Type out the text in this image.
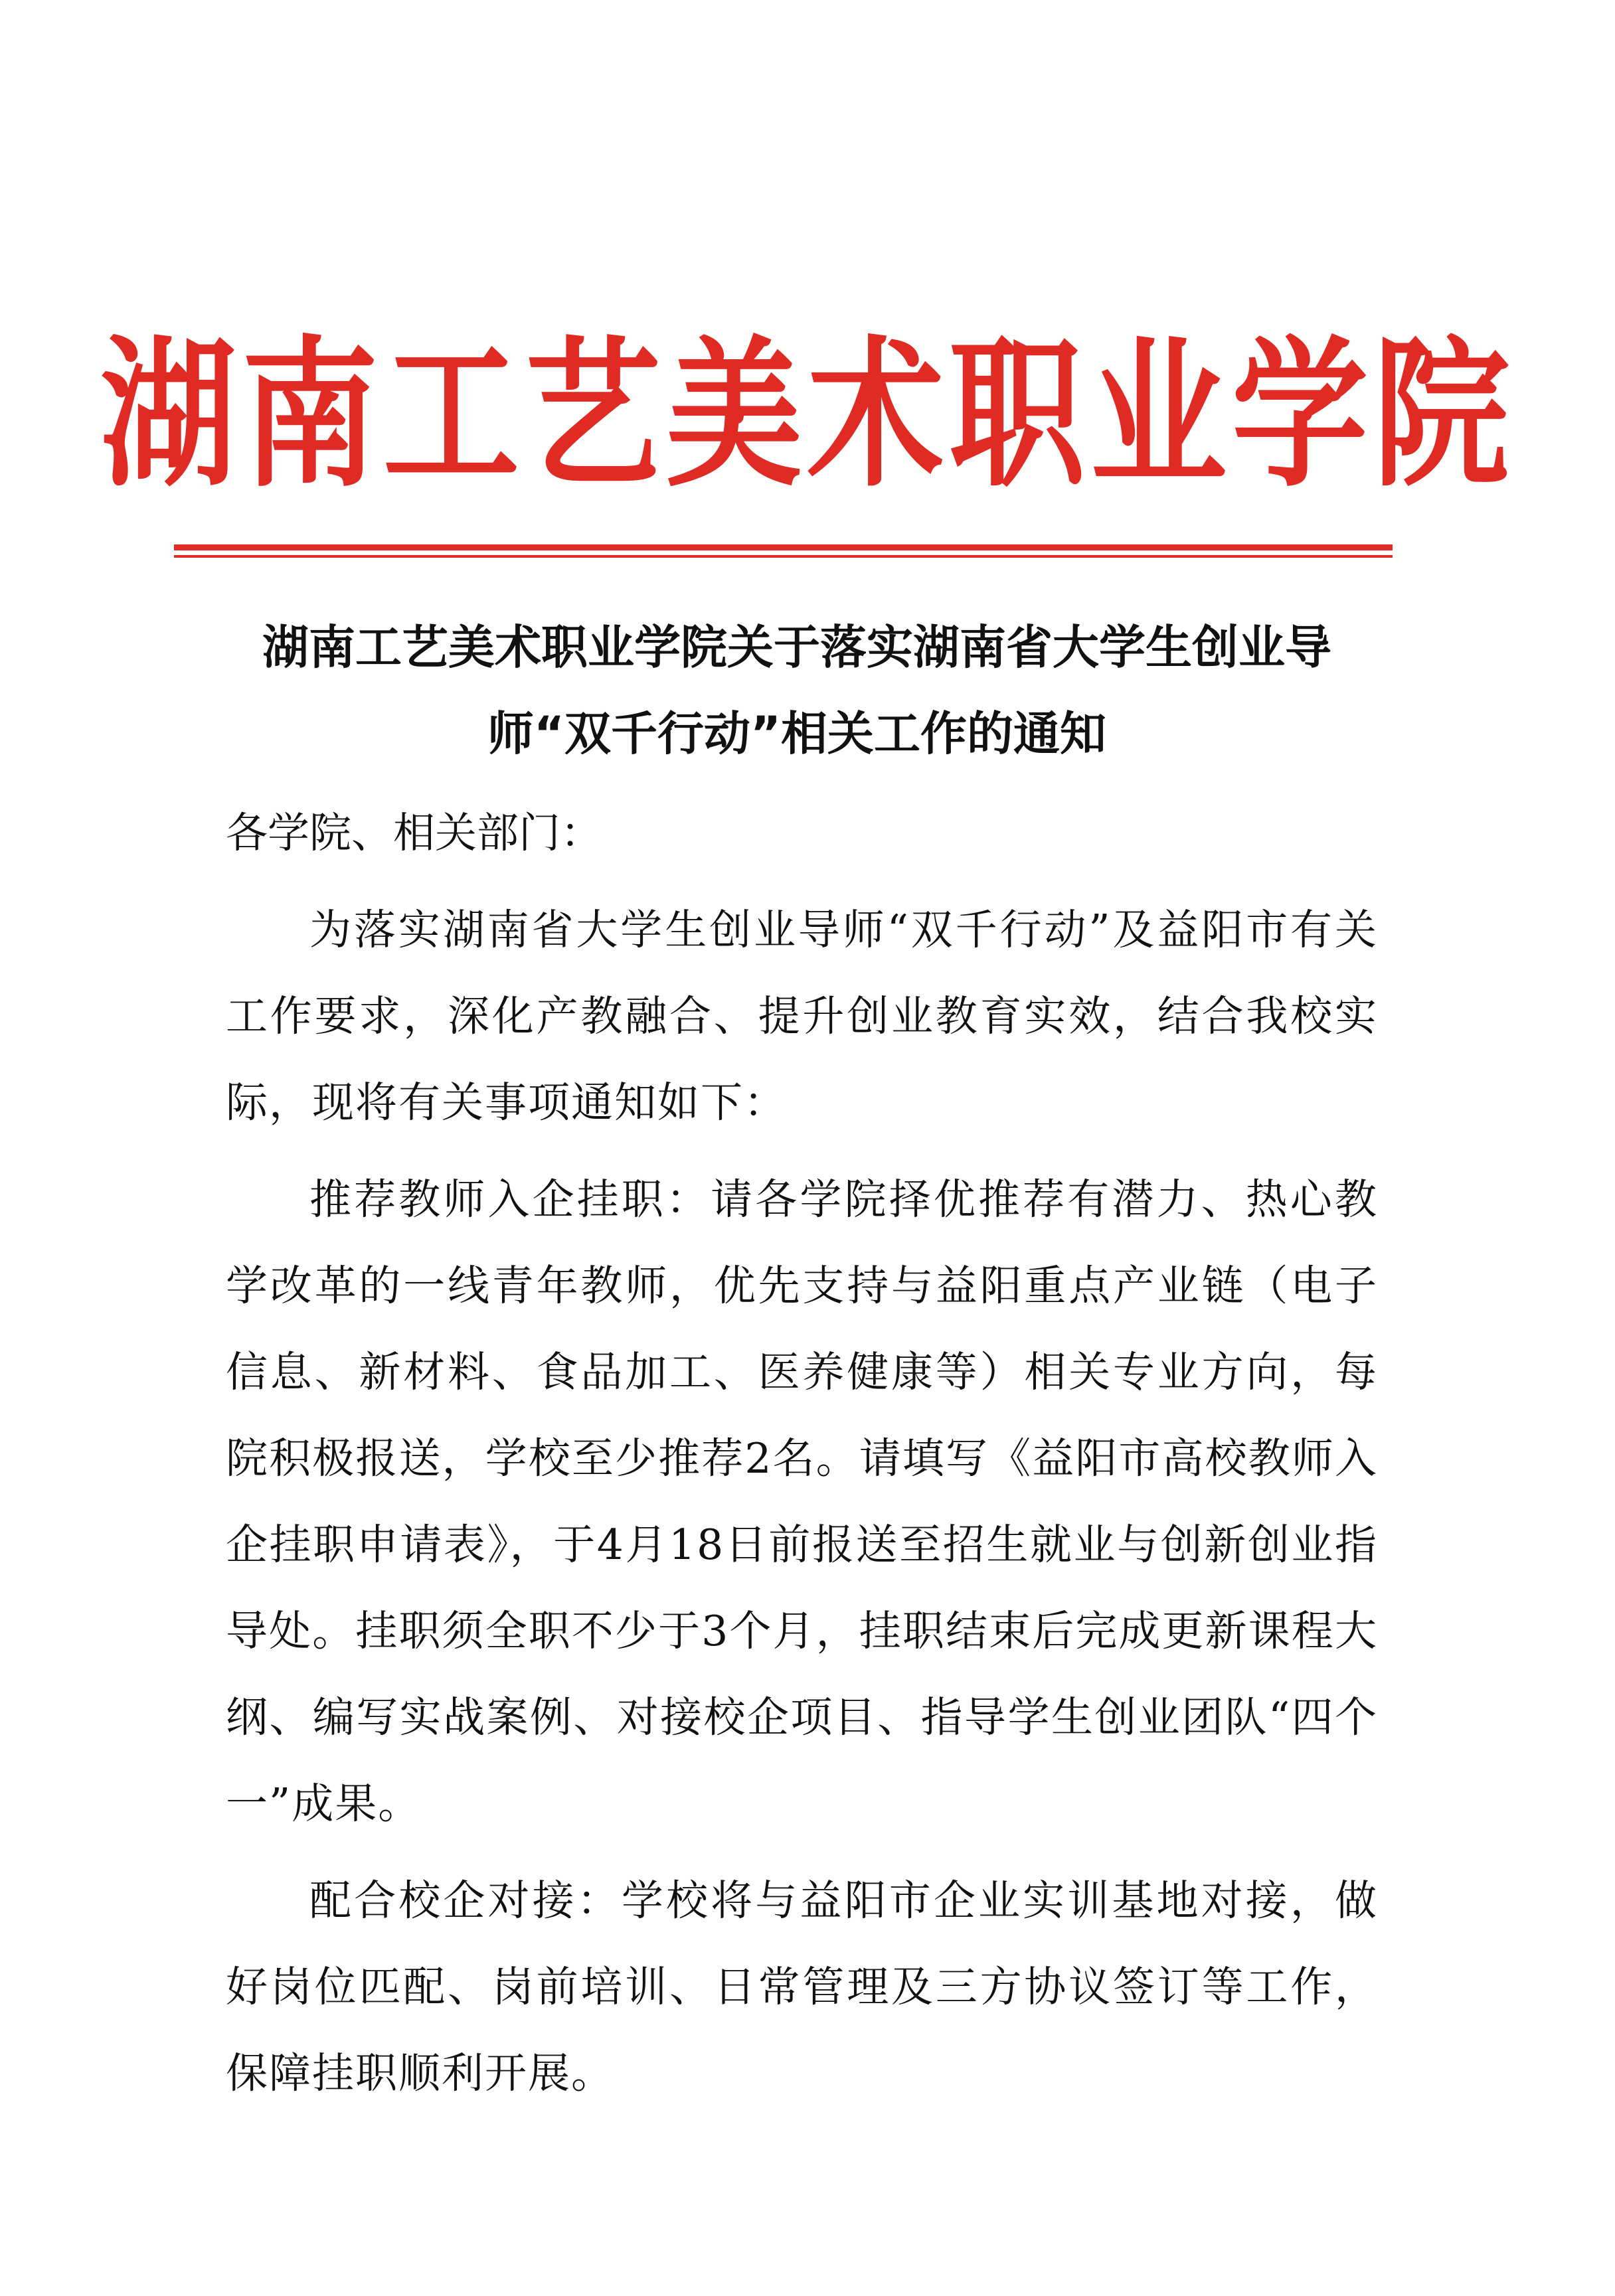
湖南工艺美术职业学院
湖南工艺美术职业学院关于落实湖南省大学生创业导
师“双千行动”相关工作的通知

各学院、相关部门：

为落实湖南省大学生创业导师“双千行动”及益阳市有关工作要求，深化产教融合、提升创业教育实效，结合我校实际，现将有关事项通知如下：

推荐教师入企挂职：请各学院择优推荐有潜力、热心教学改革的一线青年教师，优先支持与益阳重点产业链（电子信息、新材料、食品加工、医养健康等）相关专业方向，每院积极报送，学校至少推荐2名。请填写《益阳市高校教师入企挂职申请表》，于4月18日前报送至招生就业与创新创业指导处。挂职须全职不少于3个月，挂职结束后完成更新课程大纲、编写实战案例、对接校企项目、指导学生创业团队“四个一”成果。

配合校企对接：学校将与益阳市企业实训基地对接，做好岗位匹配、岗前培训、日常管理及三方协议签订等工作，保障挂职顺利开展。
